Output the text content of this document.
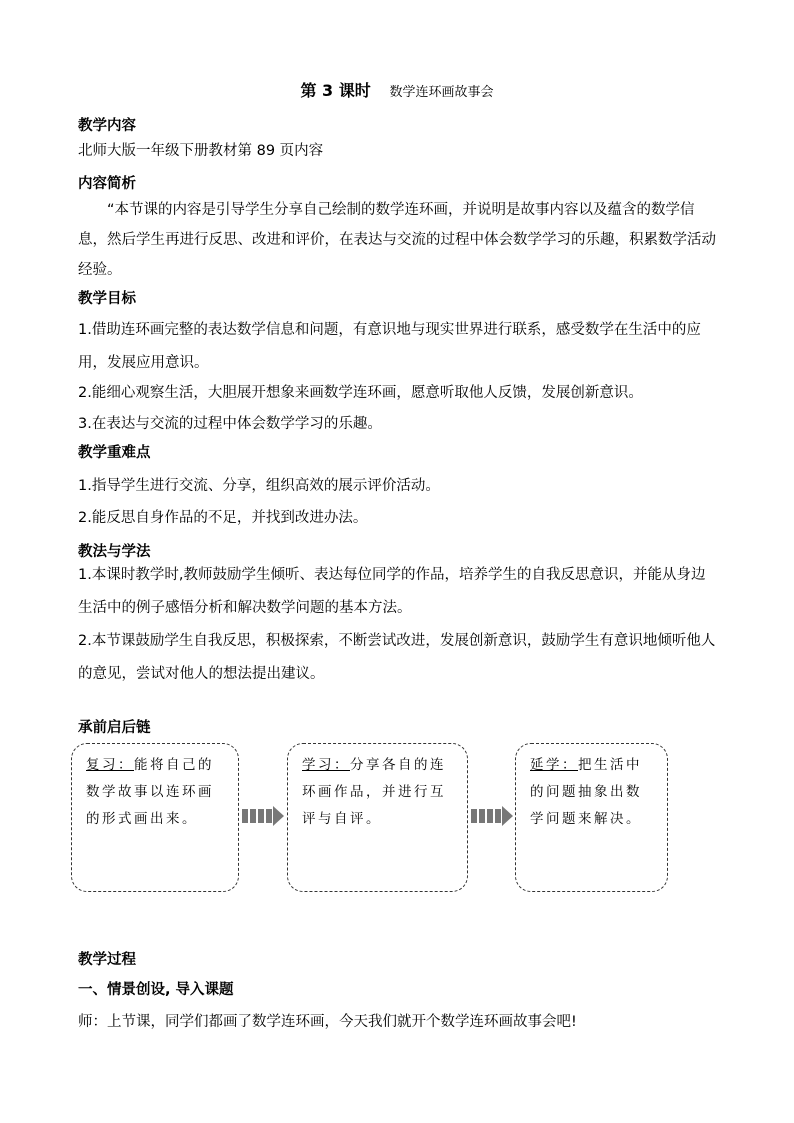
第 3 课时 数学连环画故事会
教学内容
北师大版一年级下册教材第 89 页内容
内容简析
“本节课的内容是引导学生分享自己绘制的数学连环画，并说明是故事内容以及蕴含的数学信息，然后学生再进行反思、改进和评价，在表达与交流的过程中体会数学学习的乐趣，积累数学活动经验。
教学目标
1.借助连环画完整的表达数学信息和问题，有意识地与现实世界进行联系，感受数学在生活中的应用，发展应用意识。
2.能细心观察生活，大胆展开想象来画数学连环画，愿意听取他人反馈，发展创新意识。
3.在表达与交流的过程中体会数学学习的乐趣。
教学重难点
1.指导学生进行交流、分享，组织高效的展示评价活动。
2.能反思自身作品的不足，并找到改进办法。
教法与学法
1.本课时教学时,教师鼓励学生倾听、表达每位同学的作品，培养学生的自我反思意识，并能从身边生活中的例子感悟分析和解决数学问题的基本方法。
2.本节课鼓励学生自我反思，积极探索，不断尝试改进，发展创新意识，鼓励学生有意识地倾听他人的意见，尝试对他人的想法提出建议。
承前启后链
复习：能将自己的数学故事以连环画的形式画出来。
学习：分享各自的连环画作品，并进行互评与自评。
延学：把生活中的问题抽象出数学问题来解决。
教学过程
一、情景创设, 导入课题
师：上节课，同学们都画了数学连环画，今天我们就开个数学连环画故事会吧!
